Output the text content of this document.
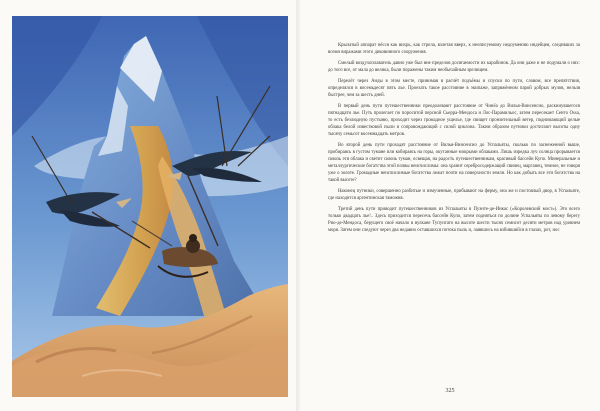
Крылатый аппарат нёсся как вихрь, как стрела, взлетая вверх, к неописуемому недоумению индейцев, следивших за всеми виражами этого диковинного сооружения.

Смелый воздухоплаватель давно уже был вне пределов досягаемости их карабинов. Да они даже и не подумали о них: до того все, от мала до велика, были поражены таким необычайным зрелищем.

Перелёт через Анды в этом месте, принимая в расчёт подъёмы и спуски по пути, словом, все препятствия, определялся в восемьдесят пять лье. Проехать такое расстояние в экипаже, запряжённом парой добрых мулов, нельзя быстрее, чем за шесть дней.

В первый день пути путешественники преодолевают расстояние от Чинёа до Вилья-Винсенсио, раскинувшегося пятнадцати лье. Путь пролегает по пороситой персной Сьерра-Мендоса и Лос-Парамильос, затем пересекает Сенто Ossa, то есть безлюдную пустыню, проходит через громадное ущелье, где свищет пронзительный ветер, поднимающий целые облака белой известковой пыли и сопровождающий с силой циклона. Таким образом путники достигают высоты одну тысячу семьсот восемнадцать метров.

Во второй день пути проходят расстояние от Вилья-Винсенсио до Успальяты, сколько по заснеженной выше, пробираясь в густом тумане или кобираясь на горы, окутанные мокрыми облаками. Лишь изредка луч солнца прорывается сквозь эти облака и светит сквозь туман, освещая, на радость путешественникам, красивый бассейн Купо. Минеральные и металлургические богатства этой почвы неисчислимы: она хранит серебросодержащий свинец, марганец, темное, не говоря уже о золоте. Громадные неисчислимые богатства лежат почти на поверхности земли. Но как добыть все эти богатства на такой высоте?

Наконец путники, совершенно разбитые и измученные, прибывают на ферму, она же и постоялый двор, в Успальяте, где находится аргентинская таможня.

Третий день пути приводит путешественников из Успальяты в Пуэнте-де-Инкас («Королевский мост»). Это всего только двадцать лье!.. Здесь приходится пересечь бассейн Купо, затем подняться по долине Успальяты по левому берегу Рио-де-Мендоса, берущего своё начало в вулкане Тупунгато на высоте шести тысяч семисот десяти метров над уровнем моря. Затем они следуют через два недавно оставшихся потока пыль и, лаявшись на взбившийся в глазах, рот, нос

325
